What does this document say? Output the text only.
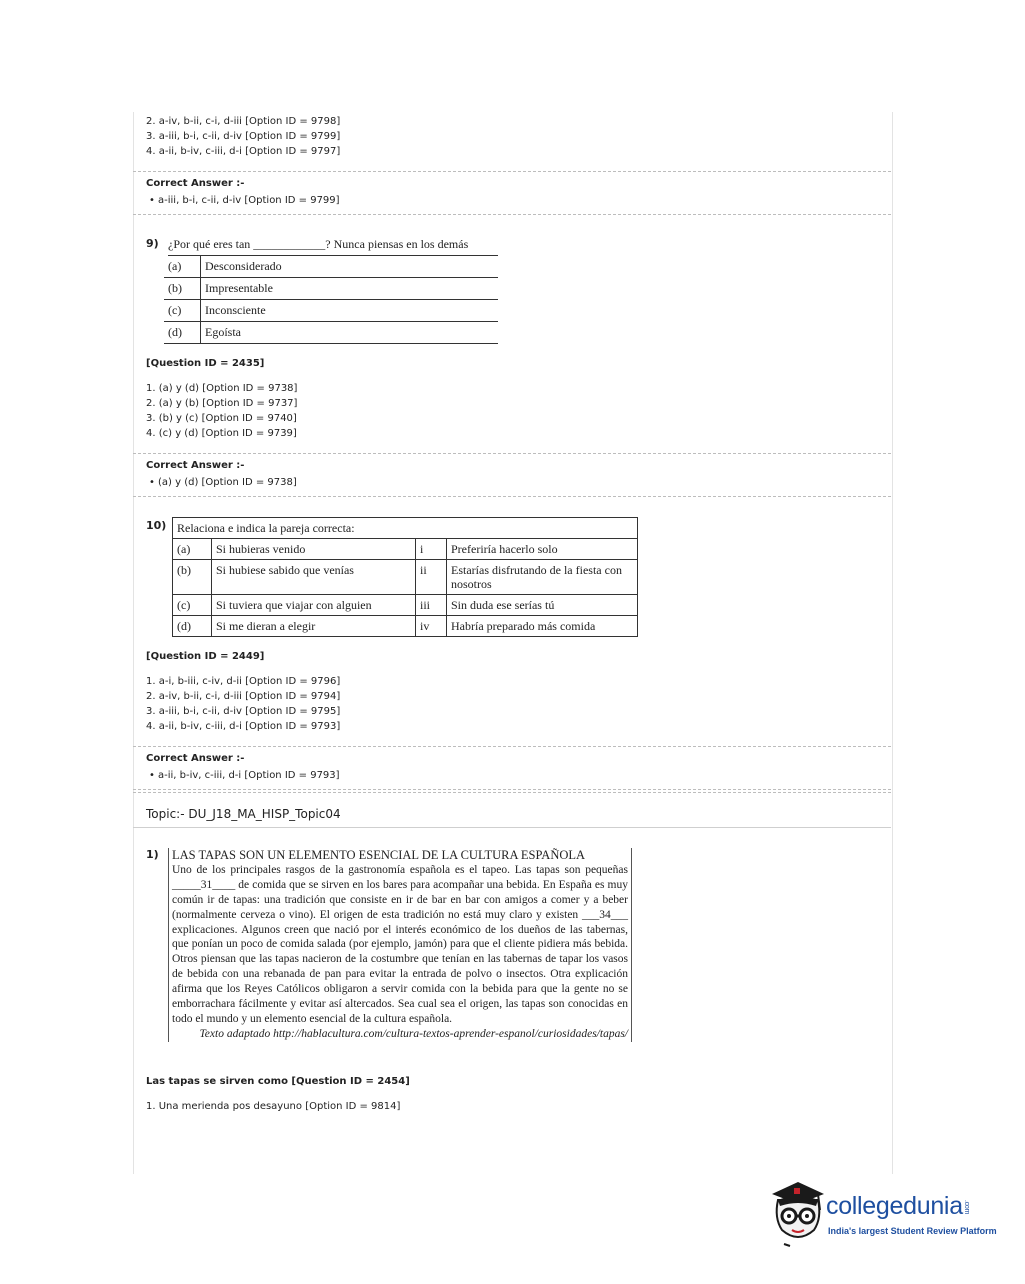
2. a-iv, b-ii, c-i, d-iii [Option ID = 9798]
3. a-iii, b-i, c-ii, d-iv [Option ID = 9799]
4. a-ii, b-iv, c-iii, d-i [Option ID = 9797]
Correct Answer :-
• a-iii, b-i, c-ii, d-iv [Option ID = 9799]
9) ¿Por qué eres tan ____________? Nunca piensas en los demás
(a)	Desconsiderado
(b)	Impresentable
(c)	Inconsciente
(d)	Egoísta
[Question ID = 2435]
1. (a) y (d) [Option ID = 9738]
2. (a) y (b) [Option ID = 9737]
3. (b) y (c) [Option ID = 9740]
4. (c) y (d) [Option ID = 9739]
Correct Answer :-
• (a) y (d) [Option ID = 9738]
10) Relaciona e indica la pareja correcta:			
(a)	Si hubieras venido	i	Preferiría hacerlo solo
(b)	Si hubiese sabido que venías	ii	Estarías disfrutando de la fiesta con nosotros
(c)	Si tuviera que viajar con alguien	iii	Sin duda ese serías tú
(d)	Si me dieran a elegir	iv	Habría preparado más comida
[Question ID = 2449]
1. a-i, b-iii, c-iv, d-ii [Option ID = 9796]
2. a-iv, b-ii, c-i, d-iii [Option ID = 9794]
3. a-iii, b-i, c-ii, d-iv [Option ID = 9795]
4. a-ii, b-iv, c-iii, d-i [Option ID = 9793]
Correct Answer :-
• a-ii, b-iv, c-iii, d-i [Option ID = 9793]
Topic:- DU_J18_MA_HISP_Topic04
1)	LAS TAPAS SON UN ELEMENTO ESENCIAL DE LA CULTURA ESPAÑOLA
Uno de los principales rasgos de la gastronomía española es el tapeo. Las tapas son pequeñas _____31____ de comida que se sirven en los bares para acompañar una bebida. En España es muy común ir de tapas: una tradición que consiste en ir de bar en bar con amigos a comer y a beber (normalmente cerveza o vino). El origen de esta tradición no está muy claro y existen ___34___ explicaciones. Algunos creen que nació por el interés económico de los dueños de las tabernas, que ponían un poco de comida salada (por ejemplo, jamón) para que el cliente pidiera más bebida. Otros piensan que las tapas nacieron de la costumbre que tenían en las tabernas de tapar los vasos de bebida con una rebanada de pan para evitar la entrada de polvo o insectos. Otra explicación afirma que los Reyes Católicos obligaron a servir comida con la bebida para que la gente no se emborrachara fácilmente y evitar así altercados. Sea cual sea el origen, las tapas son conocidas en todo el mundo y un elemento esencial de la cultura española.
Texto adaptado http://hablacultura.com/cultura-textos-aprender-espanol/curiosidades/tapas/
Las tapas se sirven como [Question ID = 2454]
1. Una merienda pos desayuno [Option ID = 9814]
collegedunia.com
India's largest Student Review Platform
